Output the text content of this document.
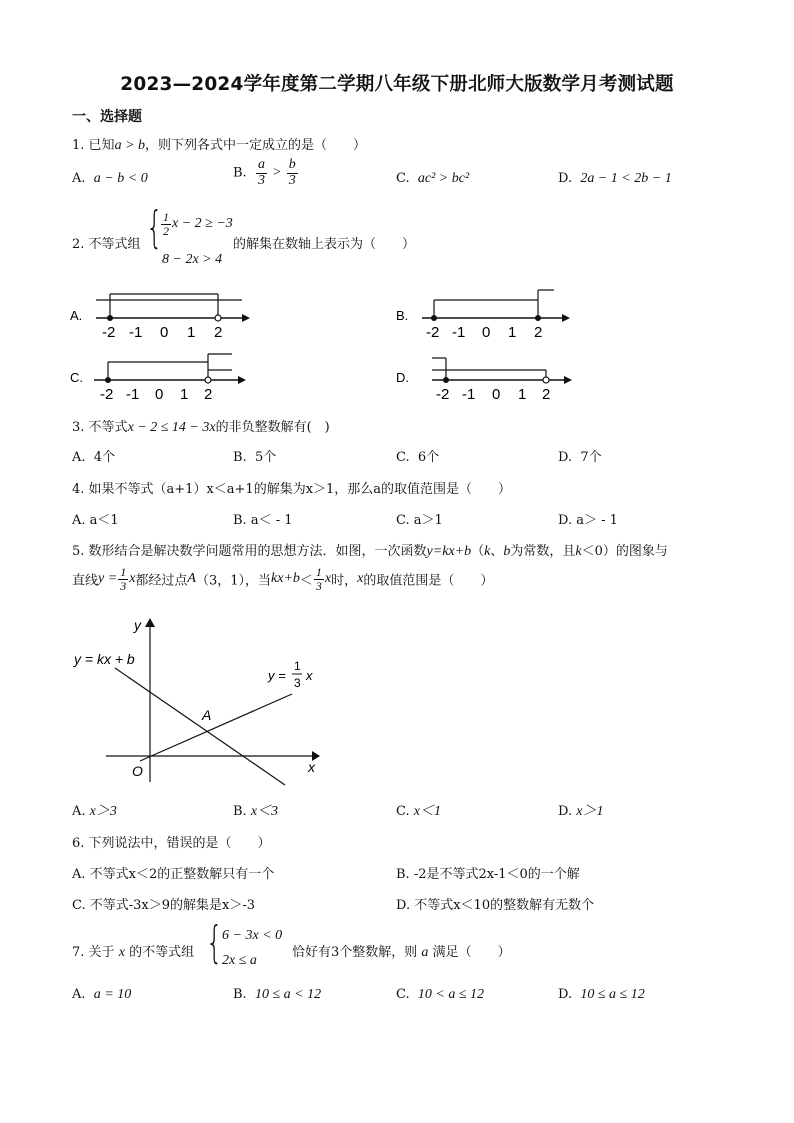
2023—2024学年度第二学期八年级下册北师大版数学月考测试题
一、选择题
1. 已知a > b，则下列各式中一定成立的是（　　）
A. a − b < 0	B. $\frac{a}{3} > \frac{b}{3}$	C. ac² > bc²	D. 2a − 1 < 2b − 1
2. 不等式组 {
$\frac{1}{2}$ x − 2 ≥ −3
8 − 2x > 4
的解集在数轴上表示为（　　）
A.
-2 -1 0 1 2
B.
-2 -1 0 1 2
C.
-2 -1 0 1 2
D.
-2 -1 0 1 2
3. 不等式x − 2 ≤ 14 − 3x的非负整数解有(　)
A. 4个	B. 5个	C. 6个	D. 7个
4. 如果不等式（a+1）x＜a+1的解集为x＞1，那么a的取值范围是（　　）
A. a＜1	B. a＜ - 1	C. a＞1	D. a＞ - 1
5. 数形结合是解决数学问题常用的思想方法．如图，一次函数y=kx+b（k、b为常数，且k＜0）的图象与
直线$y = \frac{1}{3}$ x都经过点A（3，1），当$kx+b< \frac{1}{3}$ x时，x的取值范围是（　　）
y
x
O
A
y = kx + b
y =
1
3 x
A. x＞3	B. x＜3	C. x＜1	D. x＞1
6. 下列说法中，错误的是（　　）
A. 不等式x＜2的正整数解只有一个	B. -2是不等式2x-1＜0的一个解
C. 不等式-3x＞9的解集是x＞-3	D. 不等式x＜10的整数解有无数个
7. 关于 x 的不等式组 { 6 − 3x < 0
2x ≤ a
恰好有3个整数解，则 a 满足（　　）
A. a = 10	B. 10 ≤ a < 12	C. 10 < a ≤ 12	D. 10 ≤ a ≤ 12
